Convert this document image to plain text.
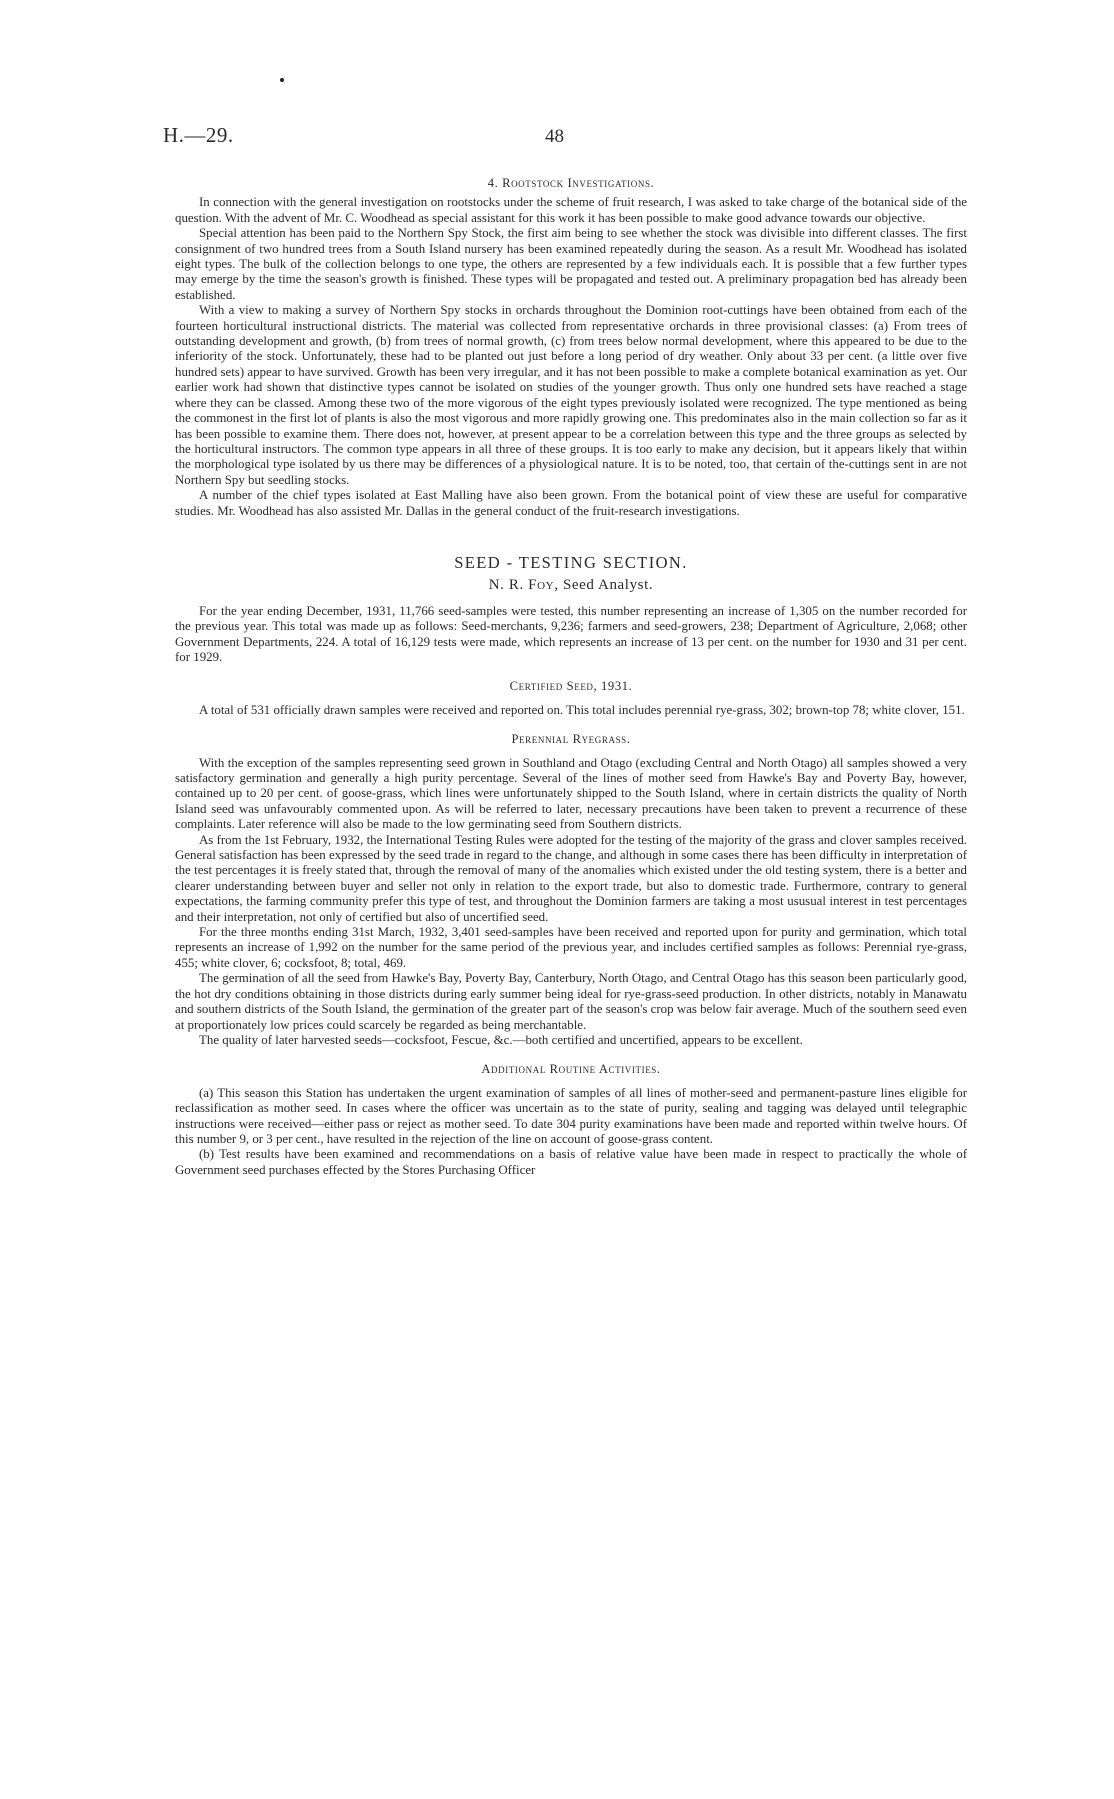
H.—29.	48
4. Rootstock Investigations.

In connection with the general investigation on rootstocks under the scheme of fruit research, I was asked to take charge of the botanical side of the question. With the advent of Mr. C. Woodhead as special assistant for this work it has been possible to make good advance towards our objective.

Special attention has been paid to the Northern Spy Stock, the first aim being to see whether the stock was divisible into different classes. The first consignment of two hundred trees from a South Island nursery has been examined repeatedly during the season. As a result Mr. Woodhead has isolated eight types. The bulk of the collection belongs to one type, the others are represented by a few individuals each. It is possible that a few further types may emerge by the time the season's growth is finished. These types will be propagated and tested out. A preliminary propagation bed has already been established.

With a view to making a survey of Northern Spy stocks in orchards throughout the Dominion root-cuttings have been obtained from each of the fourteen horticultural instructional districts. The material was collected from representative orchards in three provisional classes: (a) From trees of outstanding development and growth, (b) from trees of normal growth, (c) from trees below normal development, where this appeared to be due to the inferiority of the stock. Unfortunately, these had to be planted out just before a long period of dry weather. Only about 33 per cent. (a little over five hundred sets) appear to have survived. Growth has been very irregular, and it has not been possible to make a complete botanical examination as yet. Our earlier work had shown that distinctive types cannot be isolated on studies of the younger growth. Thus only one hundred sets have reached a stage where they can be classed. Among these two of the more vigorous of the eight types previously isolated were recognized. The type mentioned as being the commonest in the first lot of plants is also the most vigorous and more rapidly growing one. This predominates also in the main collection so far as it has been possible to examine them. There does not, however, at present appear to be a correlation between this type and the three groups as selected by the horticultural instructors. The common type appears in all three of these groups. It is too early to make any decision, but it appears likely that within the morphological type isolated by us there may be differences of a physiological nature. It is to be noted, too, that certain of the-cuttings sent in are not Northern Spy but seedling stocks.

A number of the chief types isolated at East Malling have also been grown. From the botanical point of view these are useful for comparative studies. Mr. Woodhead has also assisted Mr. Dallas in the general conduct of the fruit-research investigations.

SEED - TESTING SECTION.
N. R. Foy, Seed Analyst.

For the year ending December, 1931, 11,766 seed-samples were tested, this number representing an increase of 1,305 on the number recorded for the previous year. This total was made up as follows: Seed-merchants, 9,236; farmers and seed-growers, 238; Department of Agriculture, 2,068; other Government Departments, 224. A total of 16,129 tests were made, which represents an increase of 13 per cent. on the number for 1930 and 31 per cent. for 1929.

Certified Seed, 1931.

A total of 531 officially drawn samples were received and reported on. This total includes perennial rye-grass, 302; brown-top 78; white clover, 151.

Perennial Ryegrass.

With the exception of the samples representing seed grown in Southland and Otago (excluding Central and North Otago) all samples showed a very satisfactory germination and generally a high purity percentage. Several of the lines of mother seed from Hawke's Bay and Poverty Bay, however, contained up to 20 per cent. of goose-grass, which lines were unfortunately shipped to the South Island, where in certain districts the quality of North Island seed was unfavourably commented upon. As will be referred to later, necessary precautions have been taken to prevent a recurrence of these complaints. Later reference will also be made to the low germinating seed from Southern districts.

As from the 1st February, 1932, the International Testing Rules were adopted for the testing of the majority of the grass and clover samples received. General satisfaction has been expressed by the seed trade in regard to the change, and although in some cases there has been difficulty in interpretation of the test percentages it is freely stated that, through the removal of many of the anomalies which existed under the old testing system, there is a better and clearer understanding between buyer and seller not only in relation to the export trade, but also to domestic trade. Furthermore, contrary to general expectations, the farming community prefer this type of test, and throughout the Dominion farmers are taking a most ususual interest in test percentages and their interpretation, not only of certified but also of uncertified seed.

For the three months ending 31st March, 1932, 3,401 seed-samples have been received and reported upon for purity and germination, which total represents an increase of 1,992 on the number for the same period of the previous year, and includes certified samples as follows: Perennial rye-grass, 455; white clover, 6; cocksfoot, 8; total, 469.

The germination of all the seed from Hawke's Bay, Poverty Bay, Canterbury, North Otago, and Central Otago has this season been particularly good, the hot dry conditions obtaining in those districts during early summer being ideal for rye-grass-seed production. In other districts, notably in Manawatu and southern districts of the South Island, the germination of the greater part of the season's crop was below fair average. Much of the southern seed even at proportionately low prices could scarcely be regarded as being merchantable.

The quality of later harvested seeds—cocksfoot, Fescue, &c.—both certified and uncertified, appears to be excellent.

Additional Routine Activities.

(a) This season this Station has undertaken the urgent examination of samples of all lines of mother-seed and permanent-pasture lines eligible for reclassification as mother seed. In cases where the officer was uncertain as to the state of purity, sealing and tagging was delayed until telegraphic instructions were received—either pass or reject as mother seed. To date 304 purity examinations have been made and reported within twelve hours. Of this number 9, or 3 per cent., have resulted in the rejection of the line on account of goose-grass content.

(b) Test results have been examined and recommendations on a basis of relative value have been made in respect to practically the whole of Government seed purchases effected by the Stores Purchasing Officer
